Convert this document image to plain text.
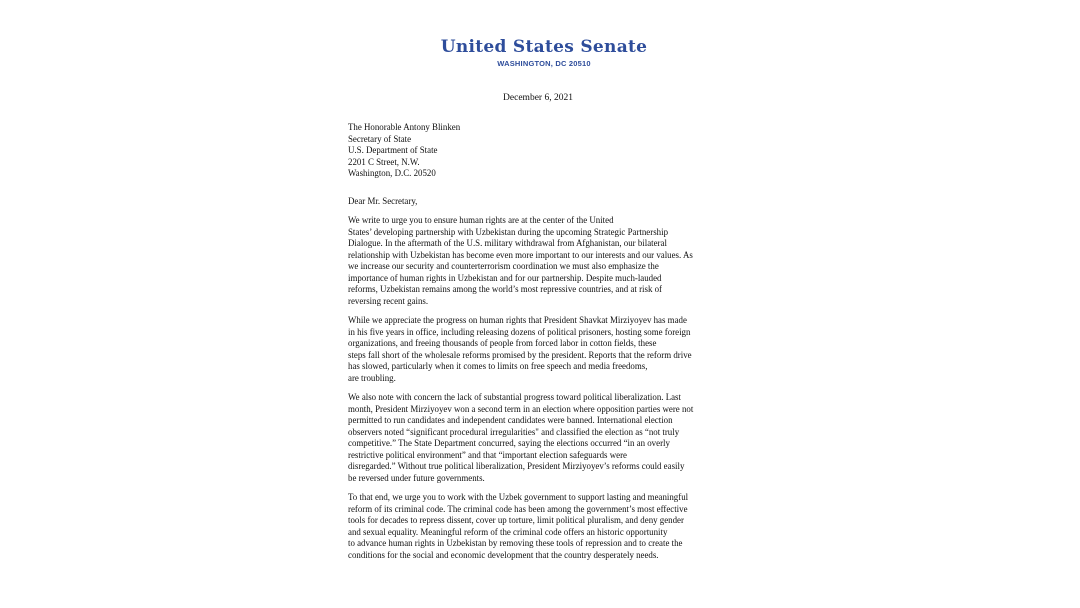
United States Senate
WASHINGTON, DC 20510
December 6, 2021
The Honorable Antony Blinken
Secretary of State
U.S. Department of State
2201 C Street, N.W.
Washington, D.C. 20520
Dear Mr. Secretary,
We write to urge you to ensure human rights are at the center of the United
States’ developing partnership with Uzbekistan during the upcoming Strategic Partnership
Dialogue. In the aftermath of the U.S. military withdrawal from Afghanistan, our bilateral
relationship with Uzbekistan has become even more important to our interests and our values. As
we increase our security and counterterrorism coordination we must also emphasize the
importance of human rights in Uzbekistan and for our partnership. Despite much-lauded
reforms, Uzbekistan remains among the world’s most repressive countries, and at risk of
reversing recent gains.
While we appreciate the progress on human rights that President Shavkat Mirziyoyev has made
in his five years in office, including releasing dozens of political prisoners, hosting some foreign
organizations, and freeing thousands of people from forced labor in cotton fields, these
steps fall short of the wholesale reforms promised by the president. Reports that the reform drive
has slowed, particularly when it comes to limits on free speech and media freedoms,
are troubling.
We also note with concern the lack of substantial progress toward political liberalization. Last
month, President Mirziyoyev won a second term in an election where opposition parties were not
permitted to run candidates and independent candidates were banned. International election
observers noted “significant procedural irregularities" and classified the election as “not truly
competitive.” The State Department concurred, saying the elections occurred “in an overly
restrictive political environment” and that “important election safeguards were
disregarded.” Without true political liberalization, President Mirziyoyev’s reforms could easily
be reversed under future governments.
To that end, we urge you to work with the Uzbek government to support lasting and meaningful
reform of its criminal code. The criminal code has been among the government’s most effective
tools for decades to repress dissent, cover up torture, limit political pluralism, and deny gender
and sexual equality. Meaningful reform of the criminal code offers an historic opportunity
to advance human rights in Uzbekistan by removing these tools of repression and to create the
conditions for the social and economic development that the country desperately needs.
